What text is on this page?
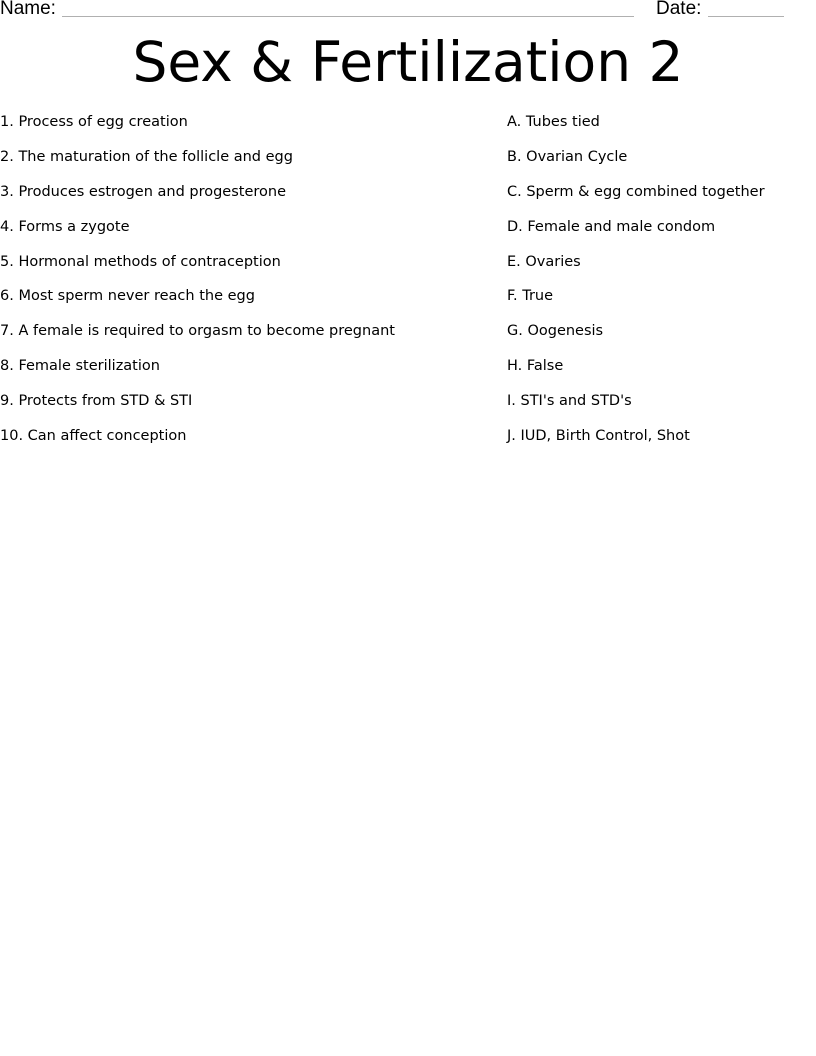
Name:	Date:
Sex & Fertilization 2
1. Process of egg creation
2. The maturation of the follicle and egg
3. Produces estrogen and progesterone
4. Forms a zygote
5. Hormonal methods of contraception
6. Most sperm never reach the egg
7. A female is required to orgasm to become pregnant
8. Female sterilization
9. Protects from STD & STI
10. Can affect conception
A. Tubes tied
B. Ovarian Cycle
C. Sperm & egg combined together
D. Female and male condom
E. Ovaries
F. True
G. Oogenesis
H. False
I. STI's and STD's
J. IUD, Birth Control, Shot
